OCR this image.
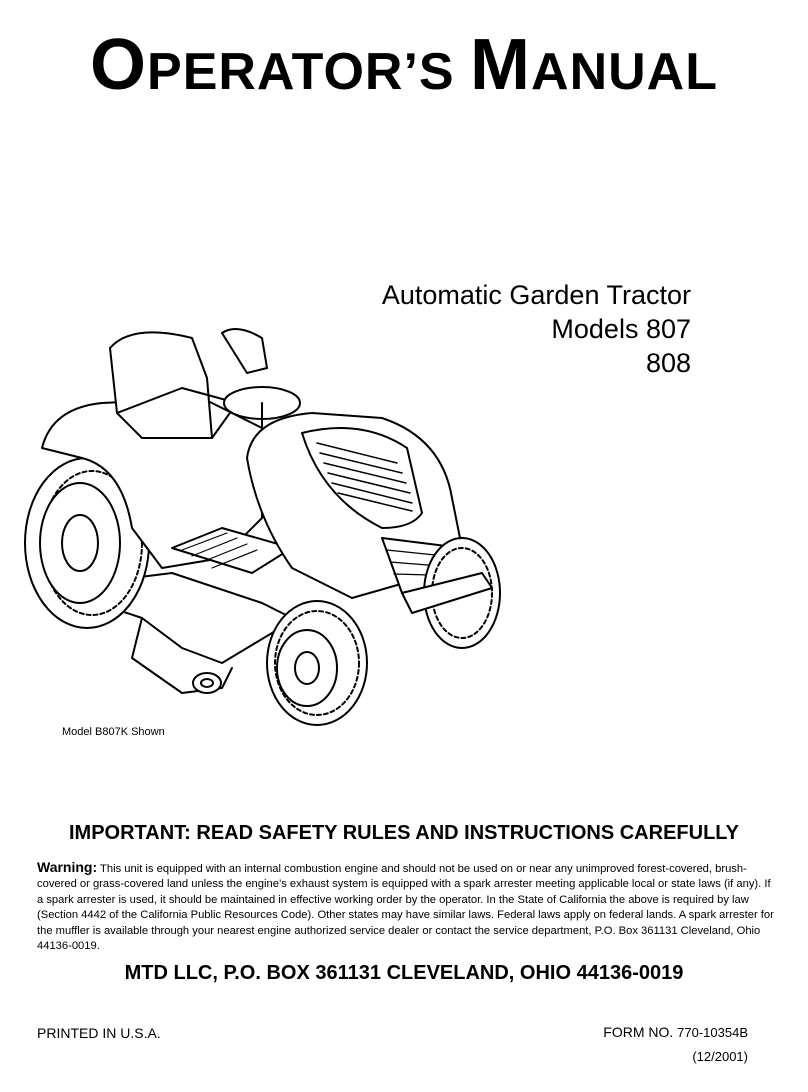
OPERATOR’S MANUAL
Automatic Garden Tractor
Models 807
808
Model B807K Shown
IMPORTANT: READ SAFETY RULES AND INSTRUCTIONS CAREFULLY
Warning: This unit is equipped with an internal combustion engine and should not be used on or near any unimproved forest-covered, brush-covered or grass-covered land unless the engine’s exhaust system is equipped with a spark arrester meeting applicable local or state laws (if any). If a spark arrester is used, it should be maintained in effective working order by the operator. In the State of California the above is required by law (Section 4442 of the California Public Resources Code). Other states may have similar laws. Federal laws apply on federal lands. A spark arrester for the muffler is available through your nearest engine authorized service dealer or contact the service department, P.O. Box 361131 Cleveland, Ohio 44136-0019.
MTD LLC, P.O. BOX 361131 CLEVELAND, OHIO 44136-0019
PRINTED IN U.S.A.	FORM NO. 770-10354B
(12/2001)
